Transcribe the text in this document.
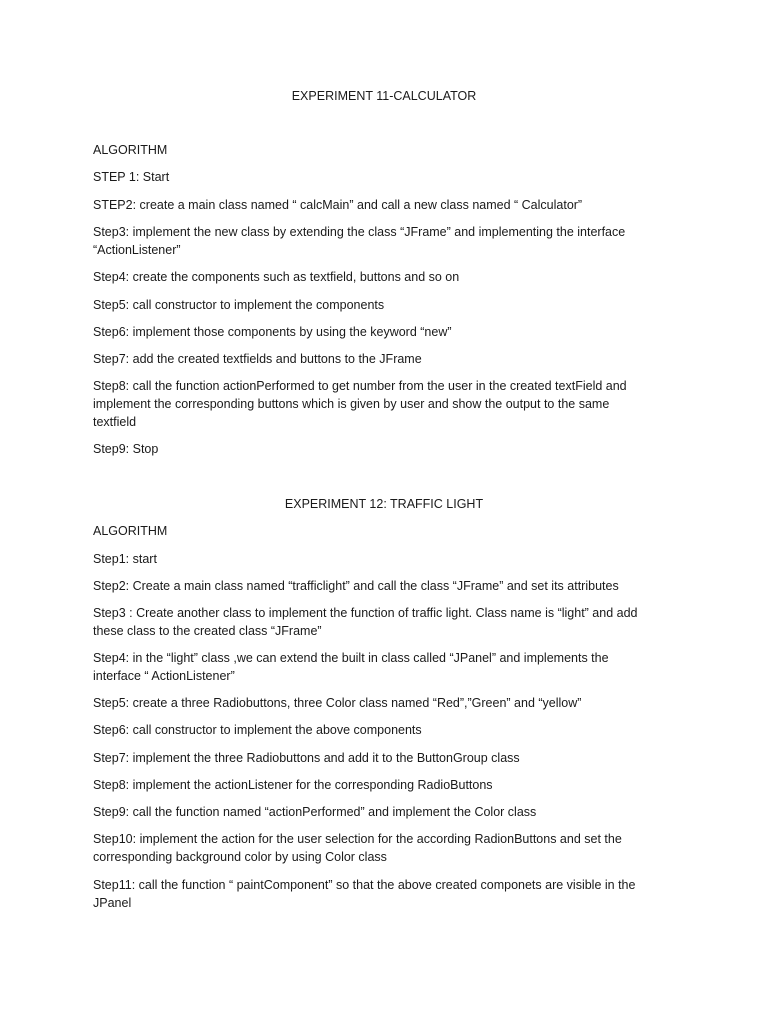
EXPERIMENT 11-CALCULATOR
ALGORITHM
STEP 1: Start
STEP2: create a main class named “ calcMain” and call a new class named “ Calculator”
Step3: implement the new class by extending the class “JFrame” and implementing the interface
“ActionListener”
Step4: create the components such as textfield, buttons and so on
Step5: call constructor to implement the components
Step6: implement those components by using the keyword “new”
Step7: add the created textfields and buttons to the JFrame
Step8: call the function actionPerformed to get number from the user in the created textField and
implement the corresponding buttons which is given by user and show the output to the same
textfield
Step9: Stop
EXPERIMENT 12: TRAFFIC LIGHT
ALGORITHM
Step1: start
Step2: Create a main class named “trafficlight” and call the class “JFrame” and set its attributes
Step3 : Create another class to implement the function of traffic light. Class name is “light” and add
these class to the created class “JFrame”
Step4: in the “light” class ,we can extend the built in class called “JPanel” and implements the
interface “ ActionListener”
Step5: create a three Radiobuttons, three Color class named “Red”,”Green” and “yellow”
Step6: call constructor to implement the above components
Step7: implement the three Radiobuttons and add it to the ButtonGroup class
Step8: implement the actionListener for the corresponding RadioButtons
Step9: call the function named “actionPerformed” and implement the Color class
Step10: implement the action for the user selection for the according RadionButtons and set the
corresponding background color by using Color class
Step11: call the function “ paintComponent” so that the above created componets are visible in the
JPanel
